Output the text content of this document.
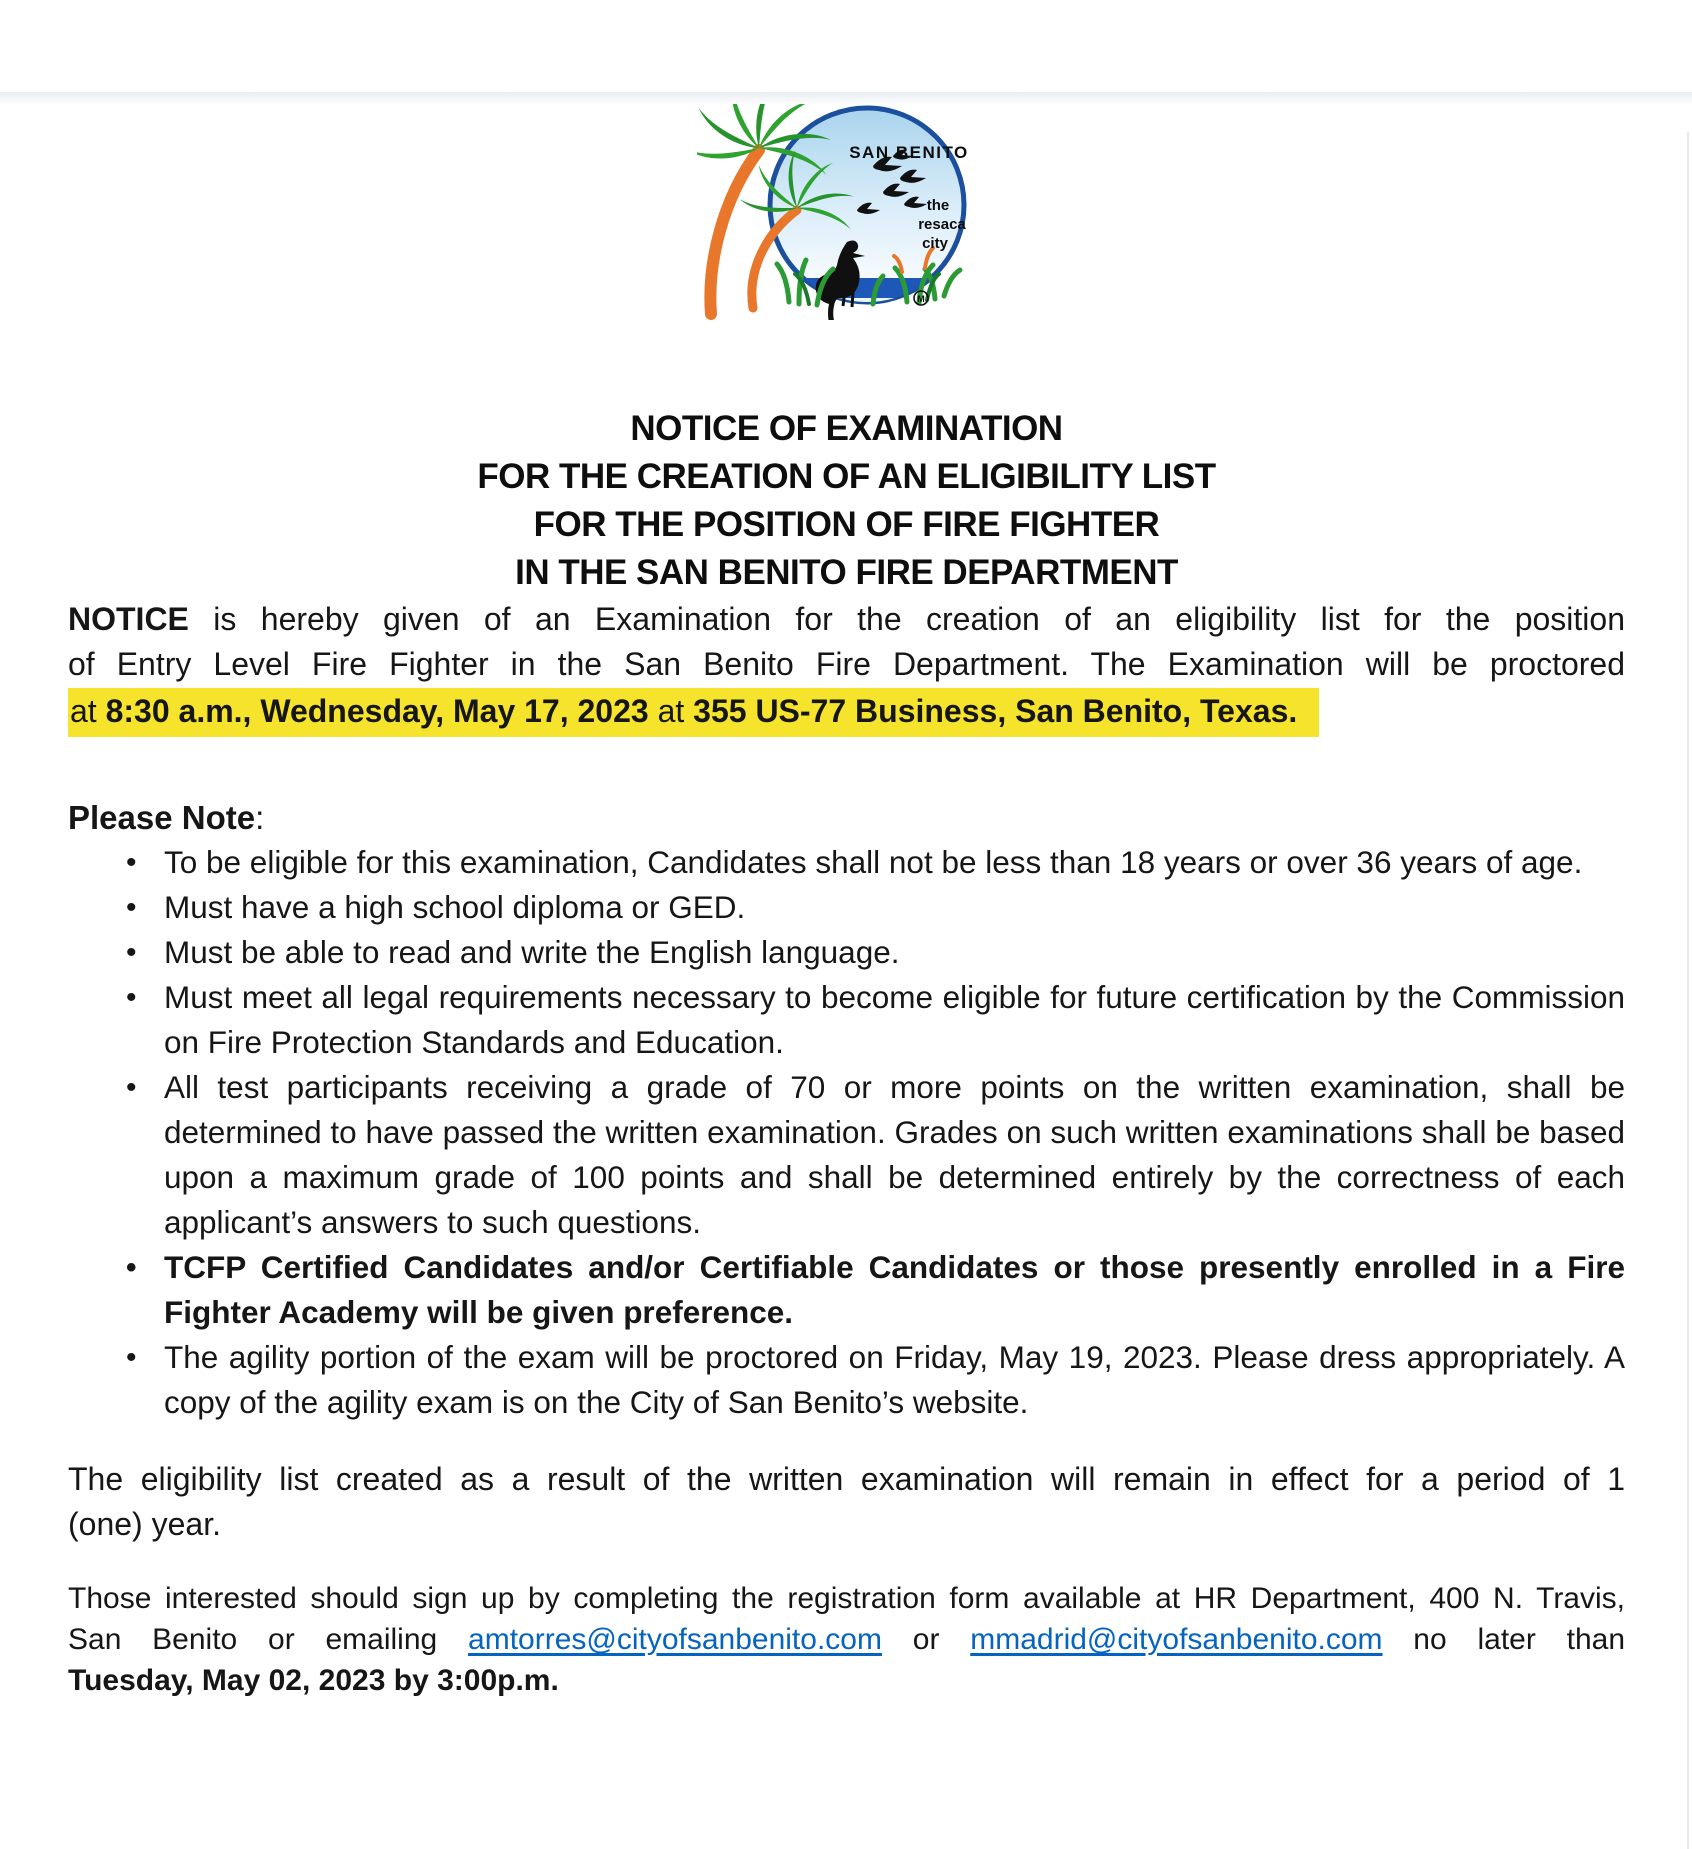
SAN BENITO
the
resaca
city
M
NOTICE OF EXAMINATION
FOR THE CREATION OF AN ELIGIBILITY LIST
FOR THE POSITION OF FIRE FIGHTER
IN THE SAN BENITO FIRE DEPARTMENT
NOTICE is hereby given of an Examination for the creation of an eligibility list for the position
of Entry Level Fire Fighter in the San Benito Fire Department. The Examination will be proctored
at 8:30 a.m., Wednesday, May 17, 2023 at 355 US-77 Business, San Benito, Texas.
Please Note:
• To be eligible for this examination, Candidates shall not be less than 18 years or over 36 years of age.
• Must have a high school diploma or GED.
• Must be able to read and write the English language.
• Must meet all legal requirements necessary to become eligible for future certification by the Commission on Fire Protection Standards and Education.
• All test participants receiving a grade of 70 or more points on the written examination, shall be determined to have passed the written examination. Grades on such written examinations shall be based upon a maximum grade of 100 points and shall be determined entirely by the correctness of each applicant’s answers to such questions.
• TCFP Certified Candidates and/or Certifiable Candidates or those presently enrolled in a Fire Fighter Academy will be given preference.
• The agility portion of the exam will be proctored on Friday, May 19, 2023. Please dress appropriately. A copy of the agility exam is on the City of San Benito’s website.
The eligibility list created as a result of the written examination will remain in effect for a period of 1
(one) year.
Those interested should sign up by completing the registration form available at HR Department, 400 N. Travis,
San Benito or emailing amtorres@cityofsanbenito.com or mmadrid@cityofsanbenito.com no later than
Tuesday, May 02, 2023 by 3:00p.m.
